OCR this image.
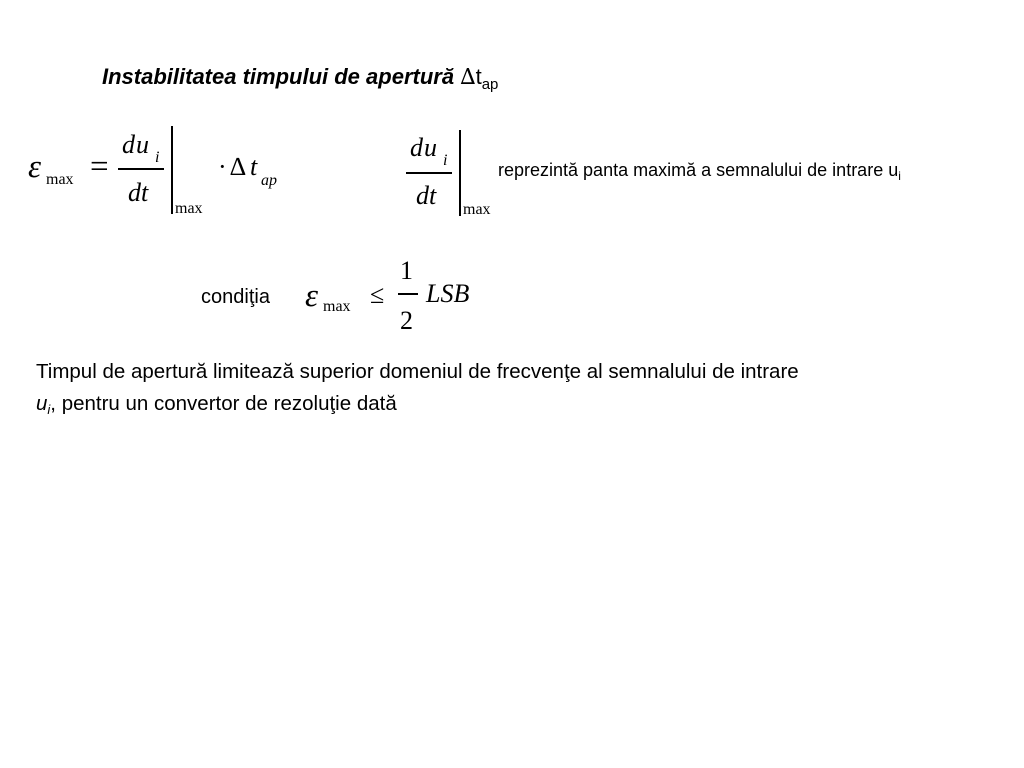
Instabilitatea timpului de apertură $\Delta t_{ap}$
ε max =
d u i
dt
max
· ∆ t ap
d u i
dt max
reprezintă panta maximă a semnalului de intrare $u_i$
condiţia ε max ≤
1
2
LSB
Timpul de apertură limitează superior domeniul de frecvenţe al semnalului de intrare
$u_i$, pentru un convertor de rezoluţie dată
